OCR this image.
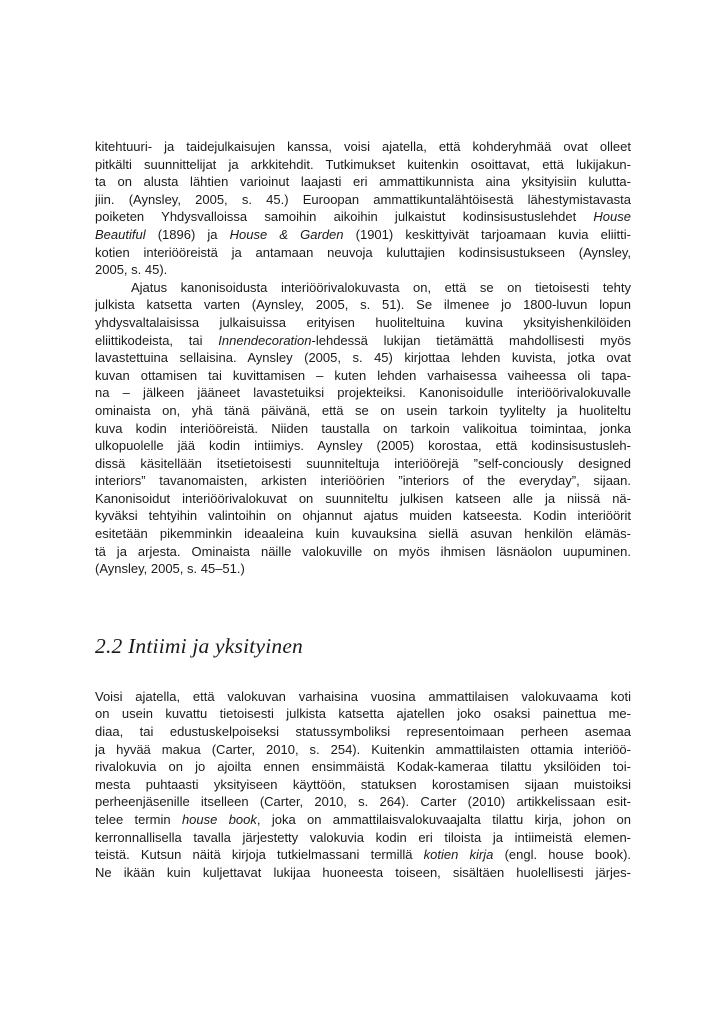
kitehtuuri- ja taidejulkaisujen kanssa, voisi ajatella, että kohderyhmää ovat olleet
pitkälti suunnittelijat ja arkkitehdit. Tutkimukset kuitenkin osoittavat, että lukijakun-
ta on alusta lähtien varioinut laajasti eri ammattikunnista aina yksityisiin kulutta-
jiin. (Aynsley, 2005, s. 45.) Euroopan ammattikuntalähtöisestä lähestymistavasta
poiketen Yhdysvalloissa samoihin aikoihin julkaistut kodinsisustuslehdet House
Beautiful (1896) ja House & Garden (1901) keskittyivät tarjoamaan kuvia eliitti-
kotien interiööreistä ja antamaan neuvoja kuluttajien kodinsisustukseen (Aynsley,
2005, s. 45).
Ajatus kanonisoidusta interiöörivalokuvasta on, että se on tietoisesti tehty
julkista katsetta varten (Aynsley, 2005, s. 51). Se ilmenee jo 1800-luvun lopun
yhdysvaltalaisissa julkaisuissa erityisen huoliteltuina kuvina yksityishenkilöiden
eliittikodeista, tai Innendecoration-lehdessä lukijan tietämättä mahdollisesti myös
lavastettuina sellaisina. Aynsley (2005, s. 45) kirjottaa lehden kuvista, jotka ovat
kuvan ottamisen tai kuvittamisen – kuten lehden varhaisessa vaiheessa oli tapa-
na – jälkeen jääneet lavastetuiksi projekteiksi. Kanonisoidulle interiöörivalokuvalle
ominaista on, yhä tänä päivänä, että se on usein tarkoin tyylitelty ja huoliteltu
kuva kodin interiööreistä. Niiden taustalla on tarkoin valikoitua toimintaa, jonka
ulkopuolelle jää kodin intiimiys. Aynsley (2005) korostaa, että kodinsisustusleh-
dissä käsitellään itsetietoisesti suunniteltuja interiöörejä ”self-conciously designed
interiors” tavanomaisten, arkisten interiöörien ”interiors of the everyday”, sijaan.
Kanonisoidut interiöörivalokuvat on suunniteltu julkisen katseen alle ja niissä nä-
kyväksi tehtyihin valintoihin on ohjannut ajatus muiden katseesta. Kodin interiöörit
esitetään pikemminkin ideaaleina kuin kuvauksina siellä asuvan henkilön elämäs-
tä ja arjesta. Ominaista näille valokuville on myös ihmisen läsnäolon uupuminen.
(Aynsley, 2005, s. 45–51.)
2.2 Intiimi ja yksityinen
Voisi ajatella, että valokuvan varhaisina vuosina ammattilaisen valokuvaama koti
on usein kuvattu tietoisesti julkista katsetta ajatellen joko osaksi painettua me-
diaa, tai edustuskelpoiseksi statussymboliksi representoimaan perheen asemaa
ja hyvää makua (Carter, 2010, s. 254). Kuitenkin ammattilaisten ottamia interiöö-
rivalokuvia on jo ajoilta ennen ensimmäistä Kodak-kameraa tilattu yksilöiden toi-
mesta puhtaasti yksityiseen käyttöön, statuksen korostamisen sijaan muistoiksi
perheenjäsenille itselleen (Carter, 2010, s. 264). Carter (2010) artikkelissaan esit-
telee termin house book, joka on ammattilaisvalokuvaajalta tilattu kirja, johon on
kerronnallisella tavalla järjestetty valokuvia kodin eri tiloista ja intiimeistä elemen-
teistä. Kutsun näitä kirjoja tutkielmassani termillä kotien kirja (engl. house book).
Ne ikään kuin kuljettavat lukijaa huoneesta toiseen, sisältäen huolellisesti järjes-
